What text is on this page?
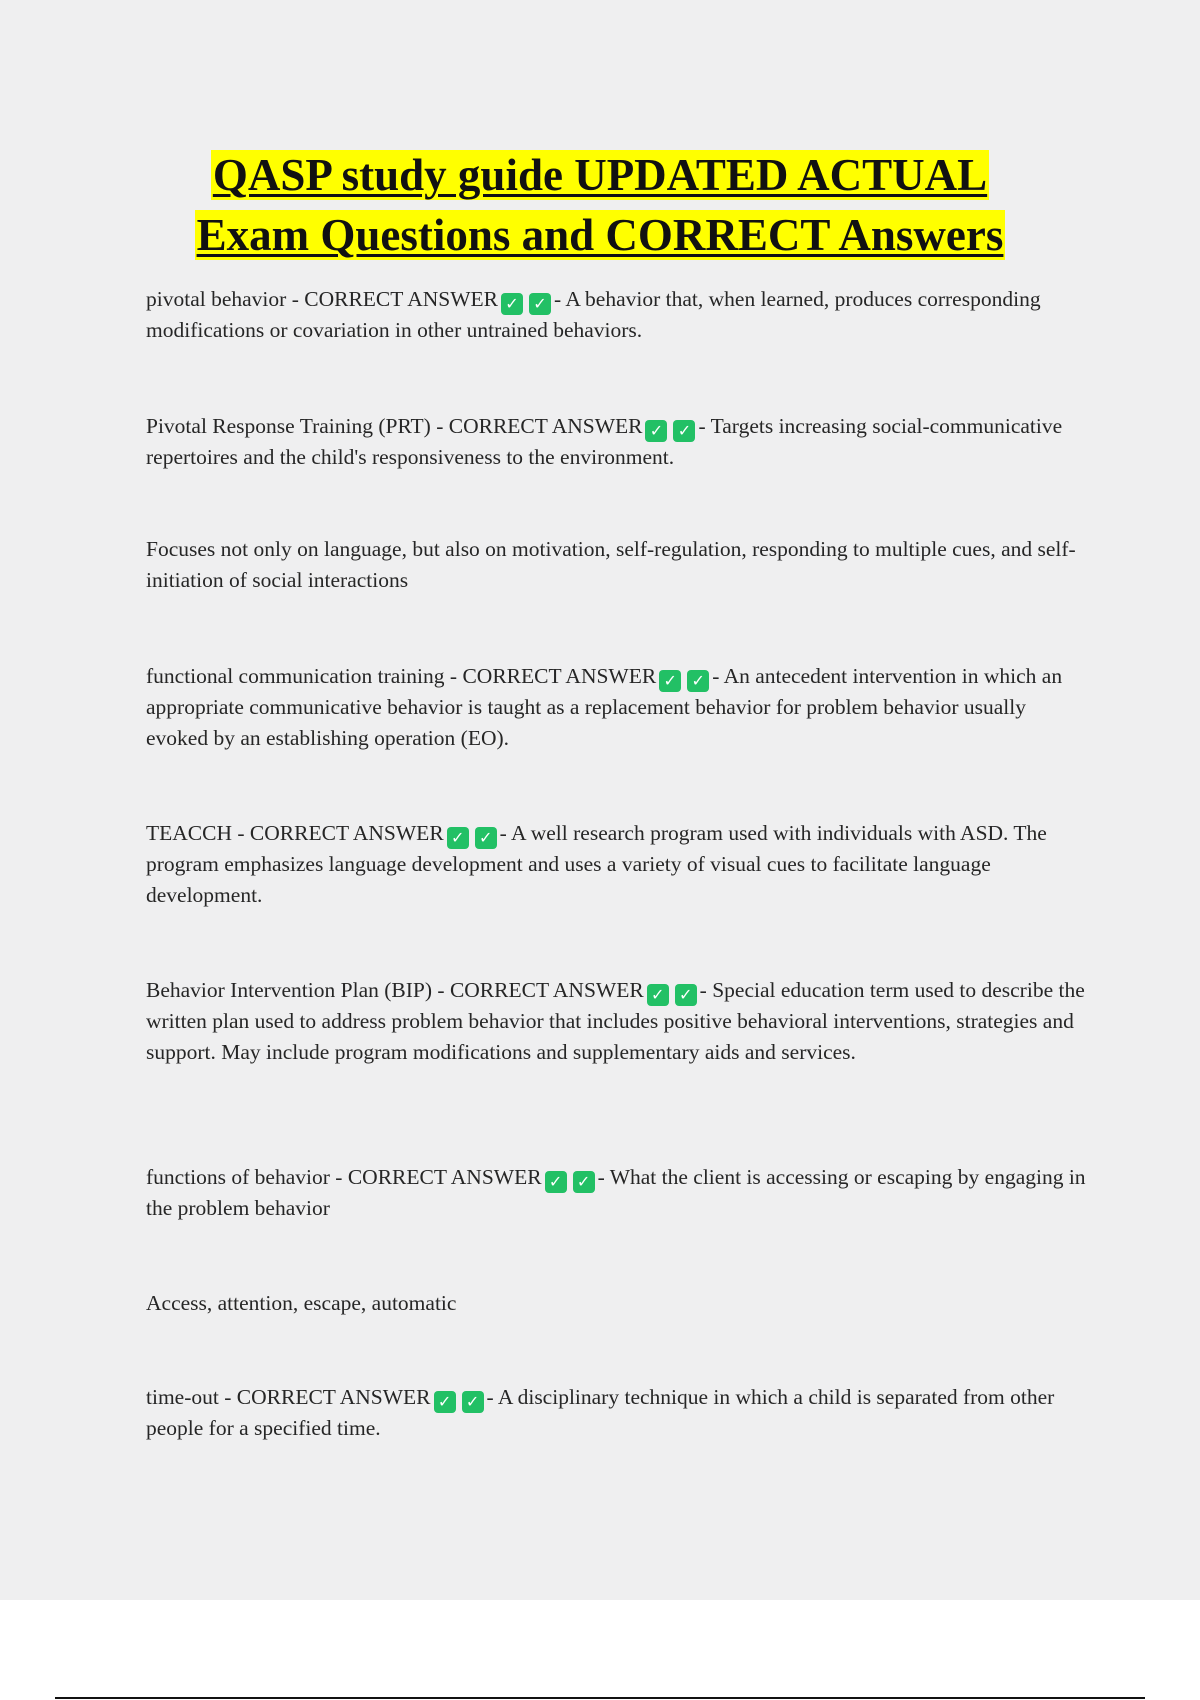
QASP study guide UPDATED ACTUAL
Exam Questions and CORRECT Answers

pivotal behavior - CORRECT ANSWER ✓ ✓ - A behavior that, when learned, produces corresponding modifications or covariation in other untrained behaviors.

Pivotal Response Training (PRT) - CORRECT ANSWER ✓ ✓ - Targets increasing social-communicative repertoires and the child's responsiveness to the environment.

Focuses not only on language, but also on motivation, self-regulation, responding to multiple cues, and self-initiation of social interactions

functional communication training - CORRECT ANSWER ✓ ✓ - An antecedent intervention in which an appropriate communicative behavior is taught as a replacement behavior for problem behavior usually evoked by an establishing operation (EO).

TEACCH - CORRECT ANSWER ✓ ✓ - A well research program used with individuals with ASD. The program emphasizes language development and uses a variety of visual cues to facilitate language development.

Behavior Intervention Plan (BIP) - CORRECT ANSWER ✓ ✓ - Special education term used to describe the written plan used to address problem behavior that includes positive behavioral interventions, strategies and support. May include program modifications and supplementary aids and services.

functions of behavior - CORRECT ANSWER ✓ ✓ - What the client is accessing or escaping by engaging in the problem behavior

Access, attention, escape, automatic

time-out - CORRECT ANSWER ✓ ✓ - A disciplinary technique in which a child is separated from other people for a specified time.
